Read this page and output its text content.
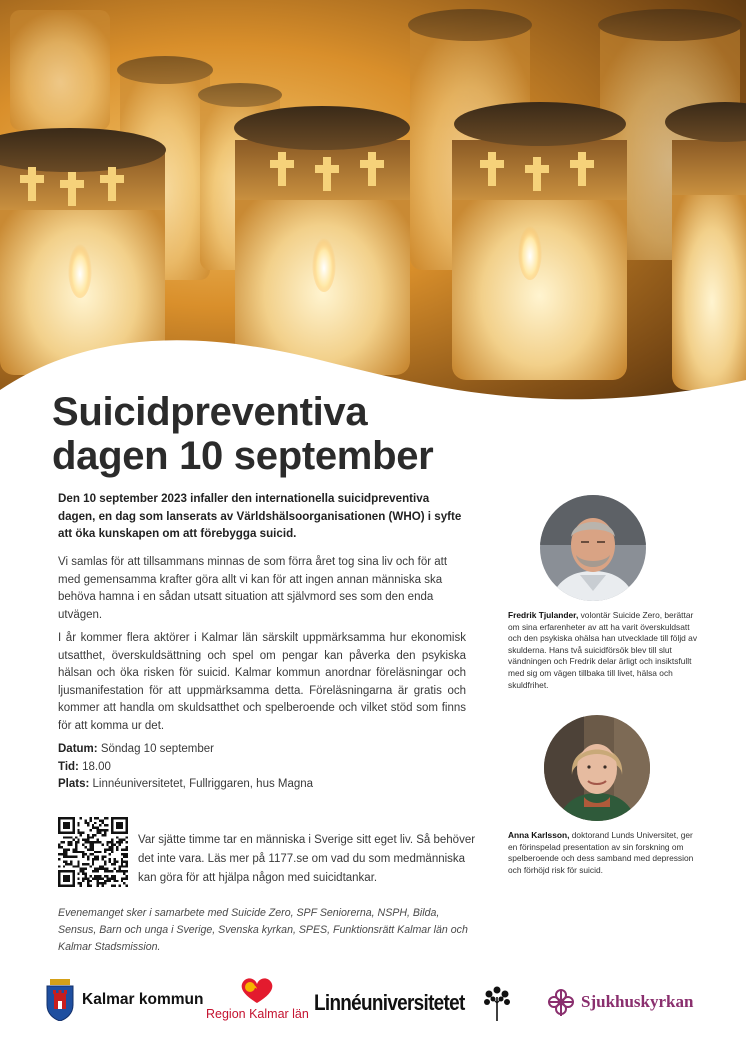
Suicidpreventiva
dagen 10 september

Den 10 september 2023 infaller den internationella suicidpreventiva dagen, en dag som lanserats av Världshälsoorganisationen (WHO) i syfte att öka kunskapen om att förebygga suicid.

Vi samlas för att tillsammans minnas de som förra året tog sina liv och för att med gemensamma krafter göra allt vi kan för att ingen annan människa ska behöva hamna i en sådan utsatt situation att självmord ses som den enda utvägen.

I år kommer flera aktörer i Kalmar län särskilt uppmärksamma hur ekonomisk utsatthet, överskuldsättning och spel om pengar kan påverka den psykiska hälsan och öka risken för suicid. Kalmar kommun anordnar föreläsningar och ljusmanifestation för att uppmärksamma detta. Föreläsningarna är gratis och kommer att handla om skuldsatthet och spelberoende och vilket stöd som finns för att komma ur det.

Datum: Söndag 10 september
Tid: 18.00
Plats: Linnéuniversitetet, Fullriggaren, hus Magna

Var sjätte timme tar en människa i Sverige sitt eget liv. Så behöver det inte vara. Läs mer på 1177.se om vad du som medmänniska kan göra för att hjälpa någon med suicidtankar.

Evenemanget sker i samarbete med Suicide Zero, SPF Seniorerna, NSPH, Bilda, Sensus, Barn och unga i Sverige, Svenska kyrkan, SPES, Funktionsrätt Kalmar län och Kalmar Stadsmission.

Fredrik Tjulander, volontär Suicide Zero, berättar om sina erfarenheter av att ha varit överskuldsatt och den psykiska ohälsa han utvecklade till följd av skulderna. Hans två suicidförsök blev till slut vändningen och Fredrik delar ärligt och insiktsfullt med sig om vägen tillbaka till livet, hälsa och skuldfrihet.

Anna Karlsson, doktorand Lunds Universitet, ger en förinspelad presentation av sin forskning om spelberoende och dess samband med depression och förhöjd risk för suicid.

Kalmar kommun
Region Kalmar län Linnéuniversitetet	Sjukhuskyrkan
